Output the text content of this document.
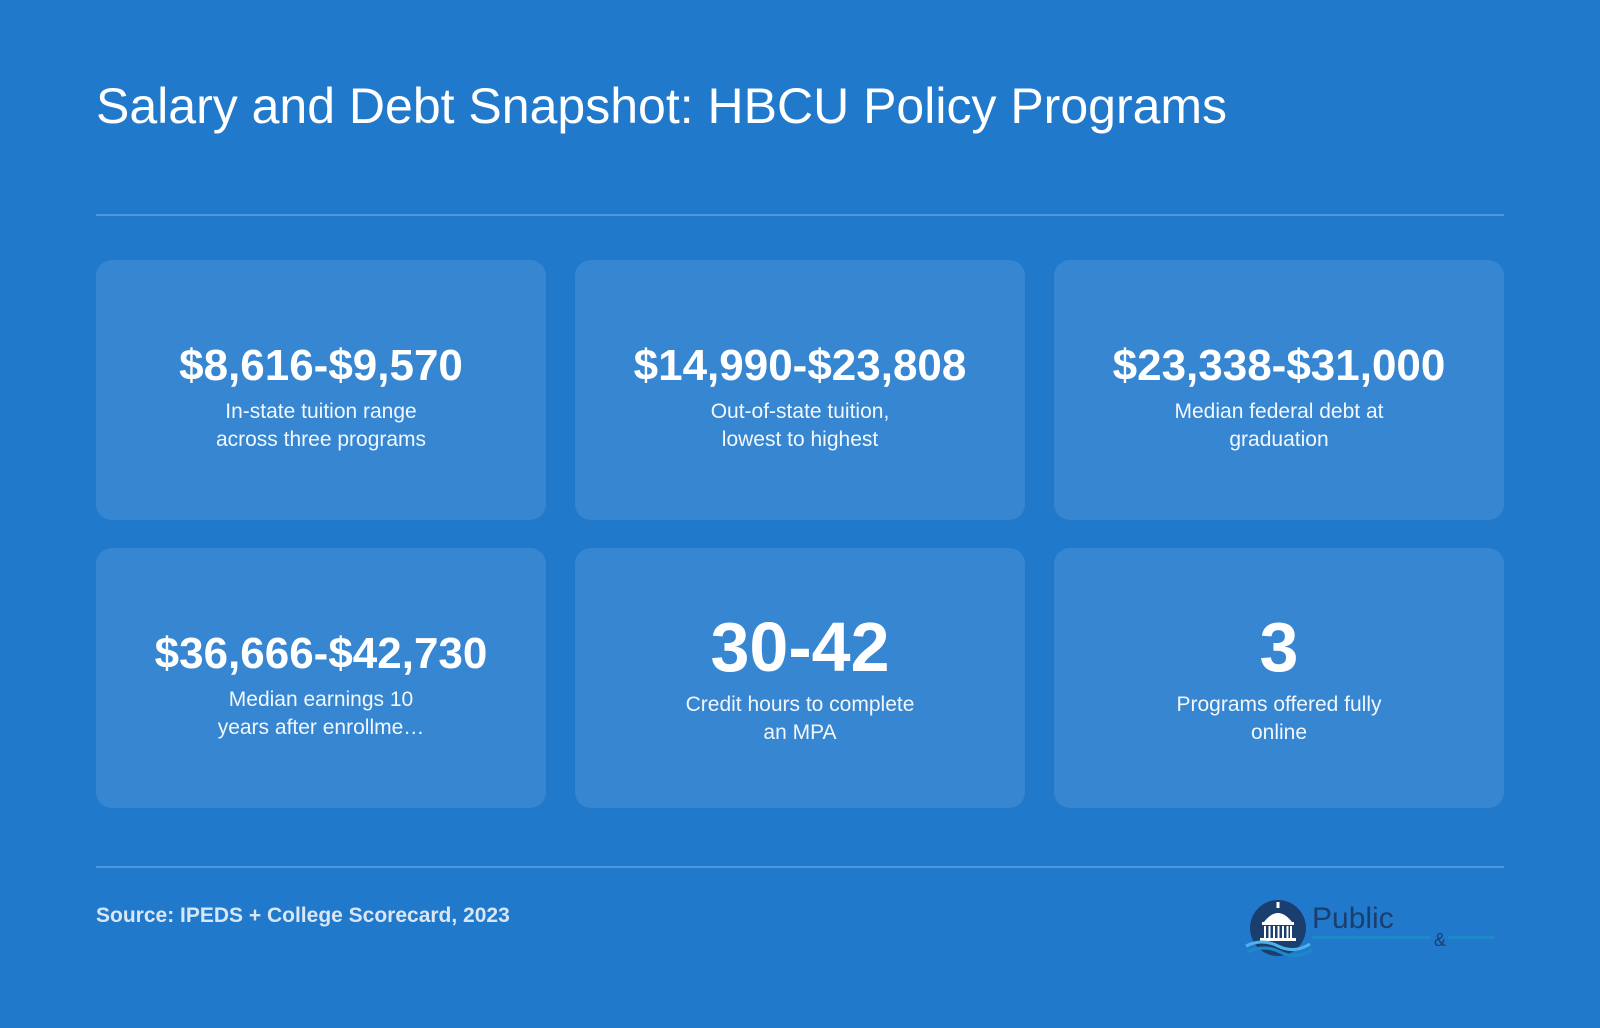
Salary and Debt Snapshot: HBCU Policy Programs
$8,616-$9,570
In-state tuition range across three programs
$14,990-$23,808
Out-of-state tuition, lowest to highest
$23,338-$31,000
Median federal debt at graduation
$36,666-$42,730
Median earnings 10 years after enrollme…
30-42
Credit hours to complete an MPA
3
Programs offered fully online
Source: IPEDS + College Scorecard, 2023	Public
&
